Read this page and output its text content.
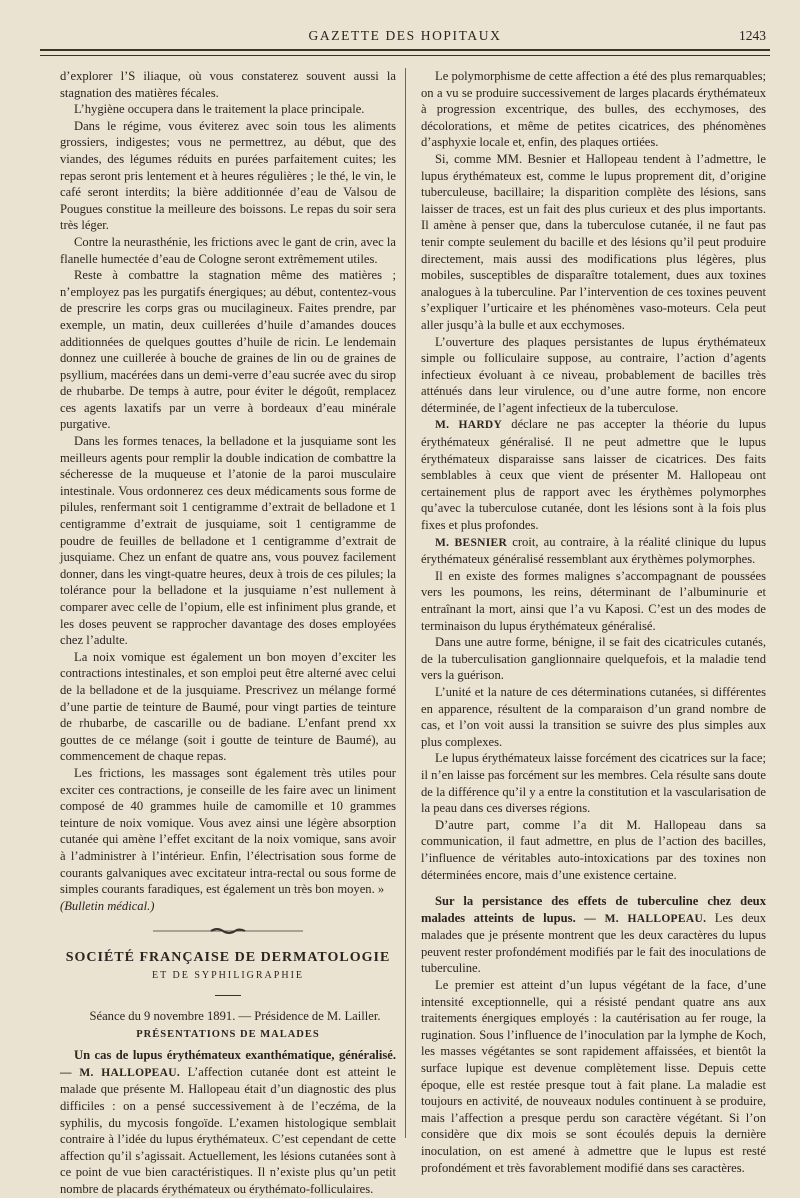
GAZETTE DES HOPITAUX	1243

d’explorer l’S iliaque, où vous constaterez souvent aussi la stagnation des matières fécales.

L’hygiène occupera dans le traitement la place principale.

Dans le régime, vous éviterez avec soin tous les aliments grossiers, indigestes; vous ne permettrez, au début, que des viandes, des légumes réduits en purées parfaitement cuites; les repas seront pris lentement et à heures régulières ; le thé, le vin, le café seront interdits; la bière additionnée d’eau de Valsou de Pougues constitue la meilleure des boissons. Le repas du soir sera très léger.

Contre la neurasthénie, les frictions avec le gant de crin, avec la flanelle humectée d’eau de Cologne seront extrêmement utiles.

Reste à combattre la stagnation même des matières ; n’employez pas les purgatifs énergiques; au début, contentez-vous de prescrire les corps gras ou mucilagineux. Faites prendre, par exemple, un matin, deux cuillerées d’huile d’amandes douces additionnées de quelques gouttes d’huile de ricin. Le lendemain donnez une cuillerée à bouche de graines de lin ou de graines de psyllium, macérées dans un demi-verre d’eau sucrée avec du sirop de rhubarbe. De temps à autre, pour éviter le dégoût, remplacez ces agents laxatifs par un verre à bordeaux d’eau minérale purgative.

Dans les formes tenaces, la belladone et la jusquiame sont les meilleurs agents pour remplir la double indication de combattre la sécheresse de la muqueuse et l’atonie de la paroi musculaire intestinale. Vous ordonnerez ces deux médicaments sous forme de pilules, renfermant soit 1 centigramme d’extrait de belladone et 1 centigramme d’extrait de jusquiame, soit 1 centigramme de poudre de feuilles de belladone et 1 centigramme d’extrait de jusquiame. Chez un enfant de quatre ans, vous pouvez facilement donner, dans les vingt-quatre heures, deux à trois de ces pilules; la tolérance pour la belladone et la jusquiame n’est nullement à comparer avec celle de l’opium, elle est infiniment plus grande, et les doses peuvent se rapprocher davantage des doses employées chez l’adulte.

La noix vomique est également un bon moyen d’exciter les contractions intestinales, et son emploi peut être alterné avec celui de la belladone et de la jusquiame. Prescrivez un mélange formé d’une partie de teinture de Baumé, pour vingt parties de teinture de rhubarbe, de cascarille ou de badiane. L’enfant prend xx gouttes de ce mélange (soit i goutte de teinture de Baumé), au commencement de chaque repas.

Les frictions, les massages sont également très utiles pour exciter ces contractions, je conseille de les faire avec un liniment composé de 40 grammes huile de camomille et 10 grammes teinture de noix vomique. Vous avez ainsi une légère absorption cutanée qui amène l’effet excitant de la noix vomique, sans avoir à l’administrer à l’intérieur. Enfin, l’électrisation sous forme de courants galvaniques avec excitateur intra-rectal ou sous forme de simples courants faradiques, est également un très bon moyen. »

(Bulletin médical.)

SOCIÉTÉ FRANÇAISE DE DERMATOLOGIE
ET DE SYPHILIGRAPHIE

Séance du 9 novembre 1891. — Présidence de M. Lailler.

PRÉSENTATIONS DE MALADES

Un cas de lupus érythémateux exanthématique, généralisé. — M. HALLOPEAU. L’affection cutanée dont est atteint le malade que présente M. Hallopeau était d’un diagnostic des plus difficiles : on a pensé successivement à de l’eczéma, de la syphilis, du mycosis fongoïde. L’examen histologique semblait contraire à l’idée du lupus érythémateux. C’est cependant de cette affection qu’il s’agissait. Actuellement, les lésions cutanées sont à ce point de vue bien caractéristiques. Il n’existe plus qu’un petit nombre de placards érythémateux ou érythémato-folliculaires.

Le polymorphisme de cette affection a été des plus remarquables; on a vu se produire successivement de larges placards érythémateux à progression excentrique, des bulles, des ecchymoses, des décolorations, et même de petites cicatrices, des phénomènes d’asphyxie locale et, enfin, des plaques ortiées.

Si, comme MM. Besnier et Hallopeau tendent à l’admettre, le lupus érythémateux est, comme le lupus proprement dit, d’origine tuberculeuse, bacillaire; la disparition complète des lésions, sans laisser de traces, est un fait des plus curieux et des plus importants. Il amène à penser que, dans la tuberculose cutanée, il ne faut pas tenir compte seulement du bacille et des lésions qu’il peut produire directement, mais aussi des modifications plus légères, plus mobiles, susceptibles de disparaître totalement, dues aux toxines analogues à la tuberculine. Par l’intervention de ces toxines peuvent s’expliquer l’urticaire et les phénomènes vaso-moteurs. Cela peut aller jusqu’à la bulle et aux ecchymoses.

L’ouverture des plaques persistantes de lupus érythémateux simple ou folliculaire suppose, au contraire, l’action d’agents infectieux évoluant à ce niveau, probablement de bacilles très atténués dans leur virulence, ou d’une autre forme, non encore déterminée, de l’agent infectieux de la tuberculose.

M. HARDY déclare ne pas accepter la théorie du lupus érythémateux généralisé. Il ne peut admettre que le lupus érythémateux disparaisse sans laisser de cicatrices. Des faits semblables à ceux que vient de présenter M. Hallopeau ont certainement plus de rapport avec les érythèmes polymorphes qu’avec la tuberculose cutanée, dont les lésions sont à la fois plus fixes et plus profondes.

M. BESNIER croit, au contraire, à la réalité clinique du lupus érythémateux généralisé ressemblant aux érythèmes polymorphes.

Il en existe des formes malignes s’accompagnant de poussées vers les poumons, les reins, déterminant de l’albuminurie et entraînant la mort, ainsi que l’a vu Kaposi. C’est un des modes de terminaison du lupus érythémateux généralisé.

Dans une autre forme, bénigne, il se fait des cicatricules cutanés, de la tuberculisation ganglionnaire quelquefois, et la maladie tend vers la guérison.

L’unité et la nature de ces déterminations cutanées, si différentes en apparence, résultent de la comparaison d’un grand nombre de cas, et l’on voit aussi la transition se suivre des plus simples aux plus complexes.

Le lupus érythémateux laisse forcément des cicatrices sur la face; il n’en laisse pas forcément sur les membres. Cela résulte sans doute de la différence qu’il y a entre la constitution et la vascularisation de la peau dans ces diverses régions.

D’autre part, comme l’a dit M. Hallopeau dans sa communication, il faut admettre, en plus de l’action des bacilles, l’influence de véritables auto-intoxications par des toxines non déterminées encore, mais d’une existence certaine.

Sur la persistance des effets de tuberculine chez deux malades atteints de lupus. — M. HALLOPEAU. Les deux malades que je présente montrent que les deux caractères du lupus peuvent rester profondément modifiés par le fait des inoculations de tuberculine.

Le premier est atteint d’un lupus végétant de la face, d’une intensité exceptionnelle, qui a résisté pendant quatre ans aux traitements énergiques employés : la cautérisation au fer rouge, la rugination. Sous l’influence de l’inoculation par la lymphe de Koch, les masses végétantes se sont rapidement affaissées, et bientôt la surface lupique est devenue complètement lisse. Depuis cette époque, elle est restée presque tout à fait plane. La maladie est toujours en activité, de nouveaux nodules continuent à se produire, mais l’affection a presque perdu son caractère végétant. Si l’on considère que dix mois se sont écoulés depuis la dernière inoculation, on est amené à admettre que le lupus est resté profondément et très favorablement modifié dans ses caractères.
